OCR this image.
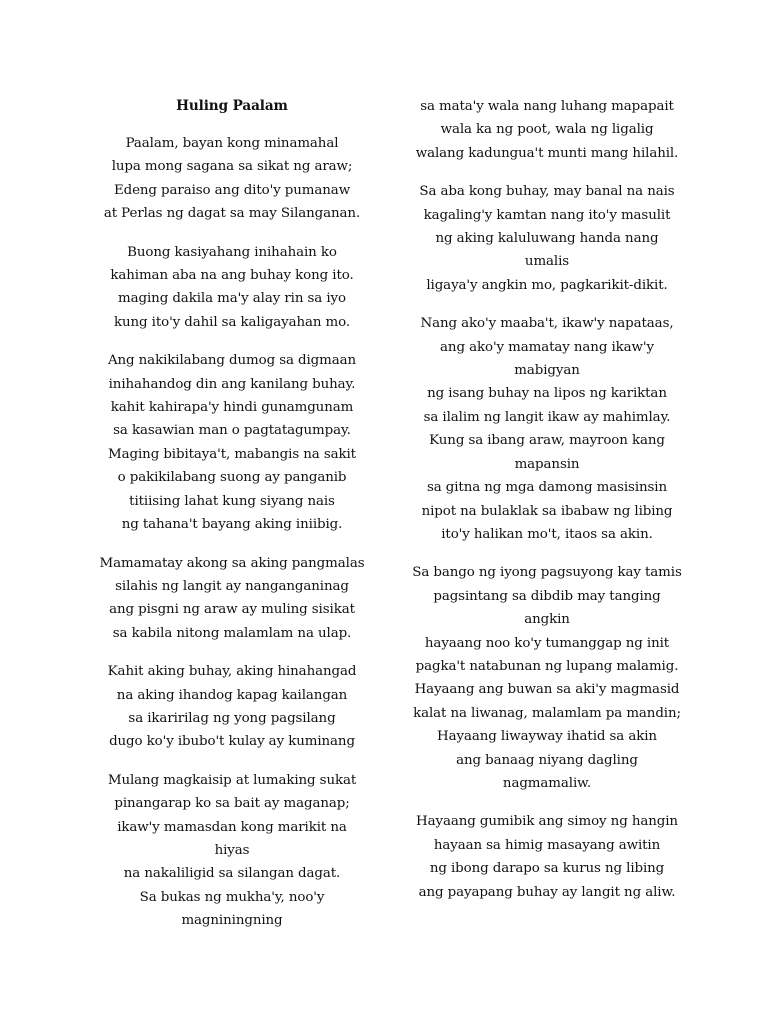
Huling Paalam
Paalam, bayan kong minamahal
lupa mong sagana sa sikat ng araw;
Edeng paraiso ang dito'y pumanaw
at Perlas ng dagat sa may Silanganan.
Buong kasiyahang inihahain ko
kahiman aba na ang buhay kong ito.
maging dakila ma'y alay rin sa iyo
kung ito'y dahil sa kaligayahan mo.
Ang nakikilabang dumog sa digmaan
inihahandog din ang kanilang buhay.
kahit kahirapa'y hindi gunamgunam
sa kasawian man o pagtatagumpay.
Maging bibitaya't, mabangis na sakit
o pakikilabang suong ay panganib
titiising lahat kung siyang nais
ng tahana't bayang aking iniibig.
Mamamatay akong sa aking pangmalas
silahis ng langit ay nanganganinag
ang pisgni ng araw ay muling sisikat
sa kabila nitong malamlam na ulap.
Kahit aking buhay, aking hinahangad
na aking ihandog kapag kailangan
sa ikaririlag ng yong pagsilang
dugo ko'y ibubo't kulay ay kuminang
Mulang magkaisip at lumaking sukat
pinangarap ko sa bait ay maganap;
ikaw'y mamasdan kong marikit na
hiyas
na nakaliligid sa silangan dagat.
Sa bukas ng mukha'y, noo'y
magniningning
sa mata'y wala nang luhang mapapait
wala ka ng poot, wala ng ligalig
walang kadungua't munti mang hilahil.
Sa aba kong buhay, may banal na nais
kagaling'y kamtan nang ito'y masulit
ng aking kaluluwang handa nang
umalis
ligaya'y angkin mo, pagkarikit-dikit.
Nang ako'y maaba't, ikaw'y napataas,
ang ako'y mamatay nang ikaw'y
mabigyan
ng isang buhay na lipos ng kariktan
sa ilalim ng langit ikaw ay mahimlay.
Kung sa ibang araw, mayroon kang
mapansin
sa gitna ng mga damong masisinsin
nipot na bulaklak sa ibabaw ng libing
ito'y halikan mo't, itaos sa akin.
Sa bango ng iyong pagsuyong kay tamis
pagsintang sa dibdib may tanging
angkin
hayaang noo ko'y tumanggap ng init
pagka't natabunan ng lupang malamig.
Hayaang ang buwan sa aki'y magmasid
kalat na liwanag, malamlam pa mandin;
Hayaang liwayway ihatid sa akin
ang banaag niyang dagling
nagmamaliw.
Hayaang gumibik ang simoy ng hangin
hayaan sa himig masayang awitin
ng ibong darapo sa kurus ng libing
ang payapang buhay ay langit ng aliw.
